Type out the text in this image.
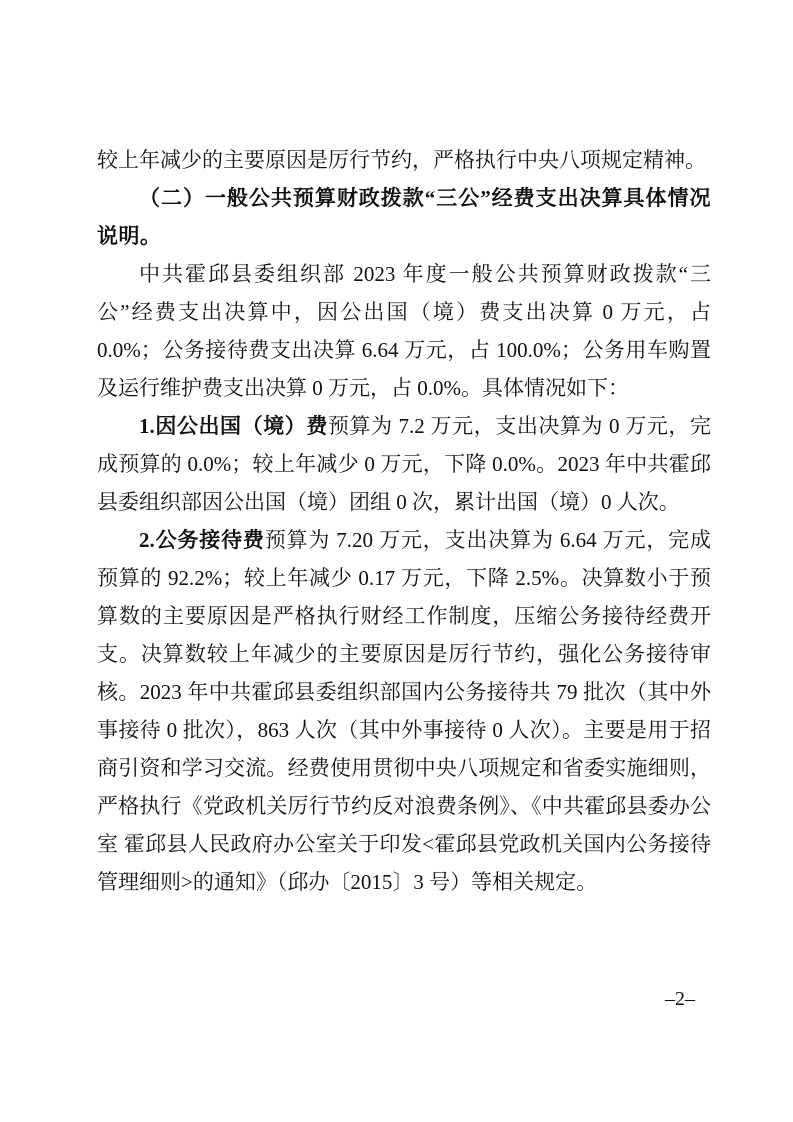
较上年减少的主要原因是厉行节约，严格执行中央八项规定精神。

（二）一般公共预算财政拨款“三公”经费支出决算具体情况说明。

中共霍邱县委组织部 2023 年度一般公共预算财政拨款“三公”经费支出决算中，因公出国（境）费支出决算 0 万元，占 0.0%；公务接待费支出决算 6.64 万元，占 100.0%；公务用车购置及运行维护费支出决算 0 万元，占 0.0%。具体情况如下：

1.因公出国（境）费预算为 7.2 万元，支出决算为 0 万元，完成预算的 0.0%；较上年减少 0 万元，下降 0.0%。2023 年中共霍邱县委组织部因公出国（境）团组 0 次，累计出国（境）0 人次。

2.公务接待费预算为 7.20 万元，支出决算为 6.64 万元，完成预算的 92.2%；较上年减少 0.17 万元，下降 2.5%。决算数小于预算数的主要原因是严格执行财经工作制度，压缩公务接待经费开支。决算数较上年减少的主要原因是厉行节约，强化公务接待审核。2023 年中共霍邱县委组织部国内公务接待共 79 批次（其中外事接待 0 批次），863 人次（其中外事接待 0 人次）。主要是用于招商引资和学习交流。经费使用贯彻中央八项规定和省委实施细则，严格执行《党政机关厉行节约反对浪费条例》、《中共霍邱县委办公室 霍邱县人民政府办公室关于印发<霍邱县党政机关国内公务接待管理细则>的通知》（邱办〔2015〕3 号）等相关规定。

–2–
